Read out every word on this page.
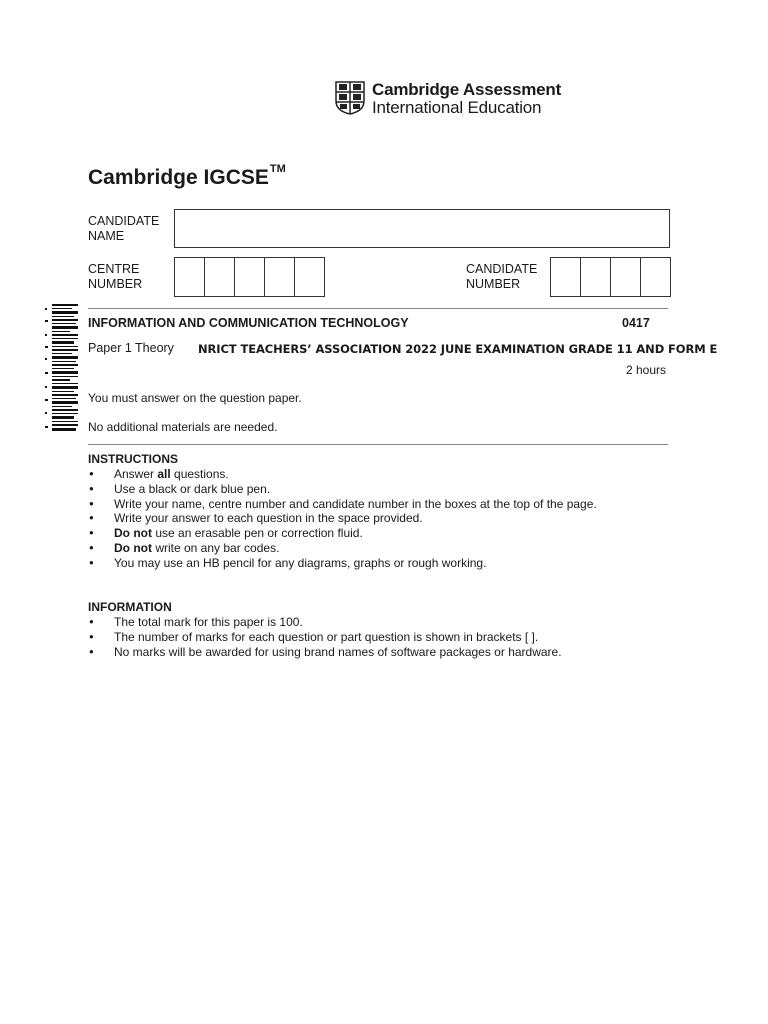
Cambridge Assessment
International Education
Cambridge IGCSE™
CANDIDATE
NAME
CENTRE
NUMBER
CANDIDATE
NUMBER
INFORMATION AND COMMUNICATION TECHNOLOGY	0417
Paper 1 Theory NRICT TEACHERS’ ASSOCIATION 2022 JUNE EXAMINATION GRADE 11 AND FORM E
2 hours
You must answer on the question paper.
No additional materials are needed.
INSTRUCTIONS
● Answer all questions.
● Use a black or dark blue pen.
● Write your name, centre number and candidate number in the boxes at the top of the page.
● Write your answer to each question in the space provided.
● Do not use an erasable pen or correction fluid.
● Do not write on any bar codes.
● You may use an HB pencil for any diagrams, graphs or rough working.
INFORMATION
● The total mark for this paper is 100.
● The number of marks for each question or part question is shown in brackets [ ].
● No marks will be awarded for using brand names of software packages or hardware.
